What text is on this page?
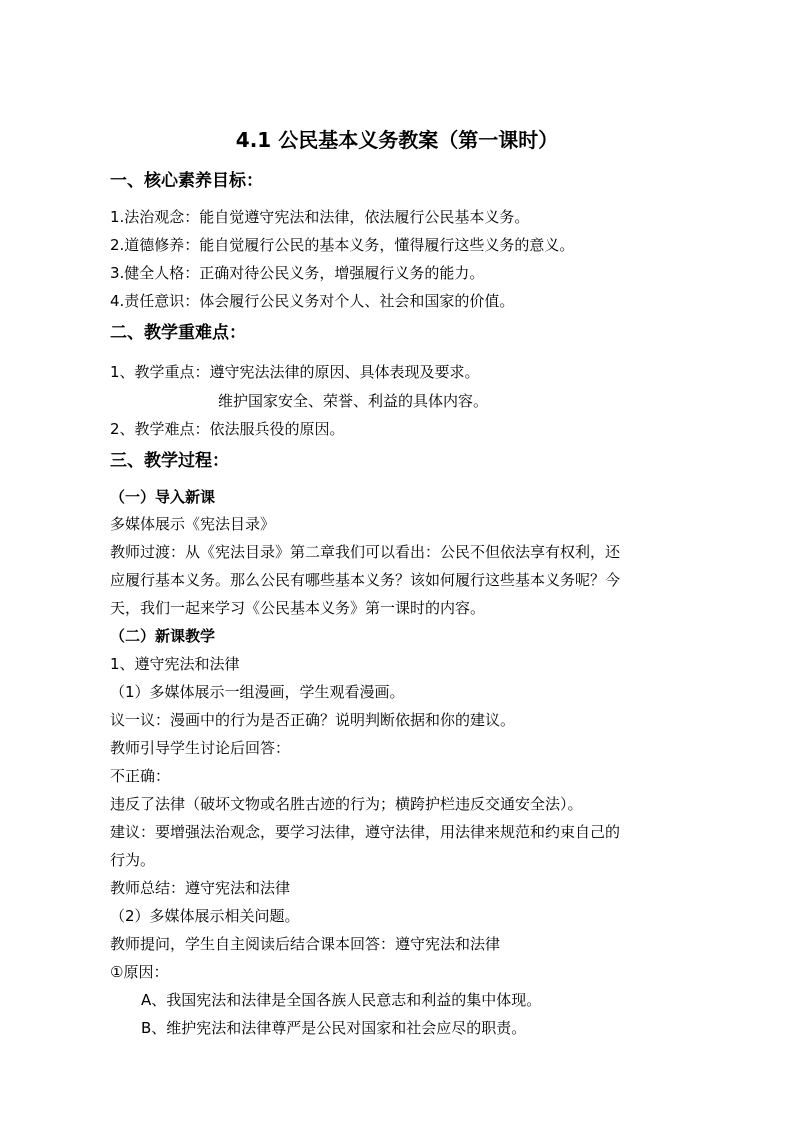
4.1 公民基本义务教案（第一课时）
一、核心素养目标：
1.法治观念：能自觉遵守宪法和法律，依法履行公民基本义务。
2.道德修养：能自觉履行公民的基本义务，懂得履行这些义务的意义。
3.健全人格：正确对待公民义务，增强履行义务的能力。
4.责任意识：体会履行公民义务对个人、社会和国家的价值。
二、教学重难点：
1、教学重点：遵守宪法法律的原因、具体表现及要求。
维护国家安全、荣誉、利益的具体内容。
2、教学难点：依法服兵役的原因。
三、教学过程：
（一）导入新课
多媒体展示《宪法目录》
教师过渡：从《宪法目录》第二章我们可以看出：公民不但依法享有权利，还
应履行基本义务。那么公民有哪些基本义务？该如何履行这些基本义务呢？今
天，我们一起来学习《公民基本义务》第一课时的内容。
（二）新课教学
1、遵守宪法和法律
（1）多媒体展示一组漫画，学生观看漫画。
议一议：漫画中的行为是否正确？说明判断依据和你的建议。
教师引导学生讨论后回答：
不正确：
违反了法律（破坏文物或名胜古迹的行为；横跨护栏违反交通安全法）。
建议：要增强法治观念，要学习法律，遵守法律，用法律来规范和约束自己的
行为。
教师总结：遵守宪法和法律
（2）多媒体展示相关问题。
教师提问，学生自主阅读后结合课本回答：遵守宪法和法律
①原因：
A、我国宪法和法律是全国各族人民意志和利益的集中体现。
B、维护宪法和法律尊严是公民对国家和社会应尽的职责。
